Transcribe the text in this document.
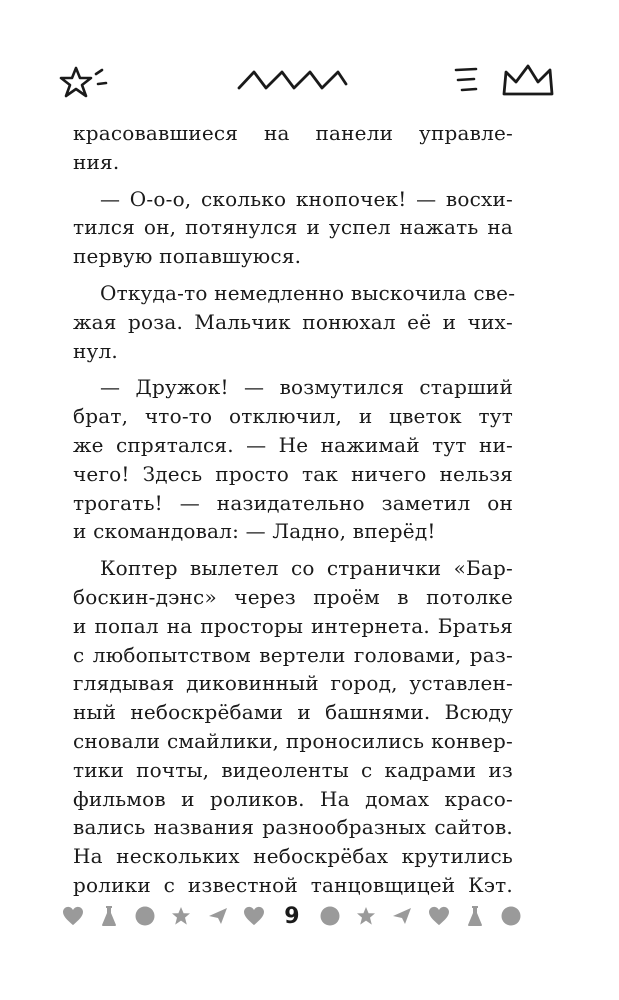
красовавшиеся на панели управле-
ния.
— О-о-о, сколько кнопочек! — восхи-
тился он, потянулся и успел нажать на
первую попавшуюся.
Откуда-то немедленно выскочила све-
жая роза. Мальчик понюхал её и чих-
нул.
— Дружок! — возмутился старший
брат, что-то отключил, и цветок тут
же спрятался. — Не нажимай тут ни-
чего! Здесь просто так ничего нельзя
трогать! — назидательно заметил он
и скомандовал: — Ладно, вперёд!
Коптер вылетел со странички «Бар-
боскин-дэнс» через проём в потолке
и попал на просторы интернета. Братья
с любопытством вертели головами, раз-
глядывая диковинный город, уставлен-
ный небоскрёбами и башнями. Всюду
сновали смайлики, проносились конвер-
тики почты, видеоленты с кадрами из
фильмов и роликов. На домах красо-
вались названия разнообразных сайтов.
На нескольких небоскрёбах крутились
ролики с известной танцовщицей Кэт.
9
